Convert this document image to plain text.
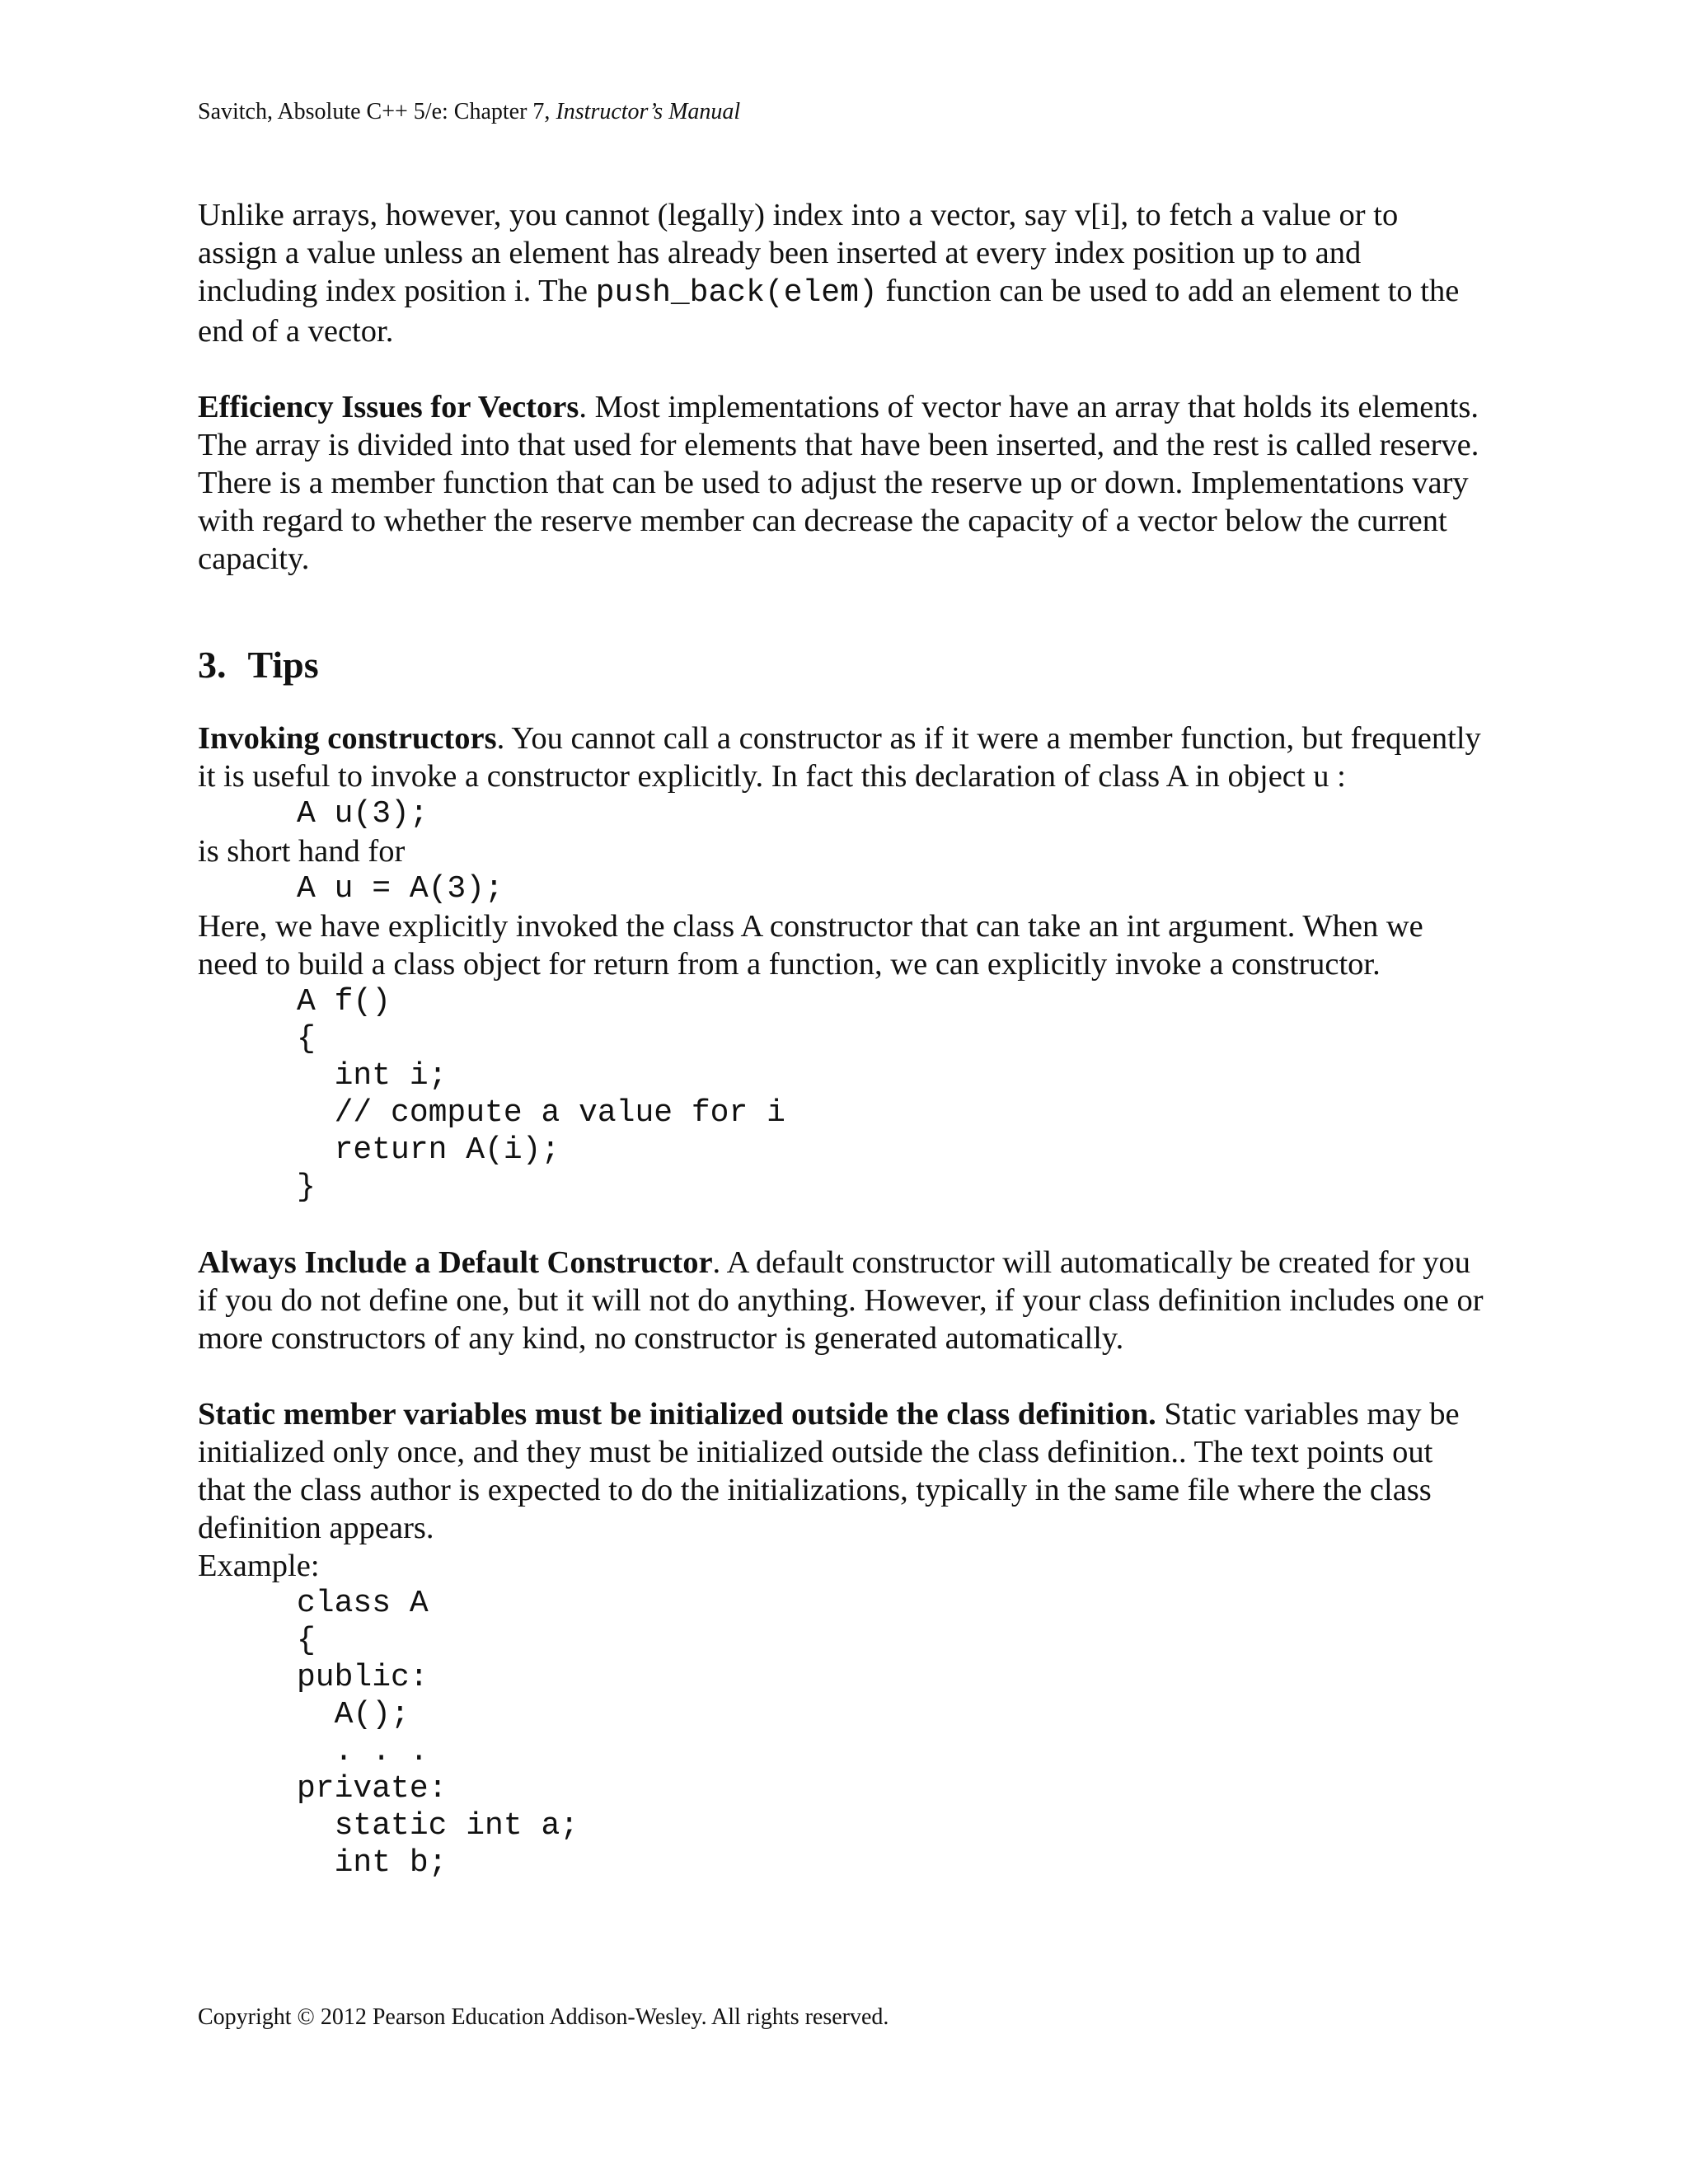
Savitch, Absolute C++ 5/e: Chapter 7, Instructor’s Manual

Unlike arrays, however, you cannot (legally) index into a vector, say v[i], to fetch a value or to assign a value unless an element has already been inserted at every index position up to and including index position i. The push_back(elem) function can be used to add an element to the end of a vector.

Efficiency Issues for Vectors. Most implementations of vector have an array that holds its elements. The array is divided into that used for elements that have been inserted, and the rest is called reserve. There is a member function that can be used to adjust the reserve up or down. Implementations vary with regard to whether the reserve member can decrease the capacity of a vector below the current capacity.

3. Tips

Invoking constructors. You cannot call a constructor as if it were a member function, but frequently it is useful to invoke a constructor explicitly. In fact this declaration of class A in object u :

A u(3);

is short hand for

A u = A(3);

Here, we have explicitly invoked the class A constructor that can take an int argument. When we need to build a class object for return from a function, we can explicitly invoke a constructor.

A f()
{
int i;
// compute a value for i
return A(i);
}

Always Include a Default Constructor. A default constructor will automatically be created for you if you do not define one, but it will not do anything. However, if your class definition includes one or more constructors of any kind, no constructor is generated automatically.

Static member variables must be initialized outside the class definition. Static variables may be initialized only once, and they must be initialized outside the class definition.. The text points out that the class author is expected to do the initializations, typically in the same file where the class definition appears.

Example:

class A
{
public:
A();
. . .
private:
static int a;
int b;
Copyright © 2012 Pearson Education Addison-Wesley. All rights reserved.
